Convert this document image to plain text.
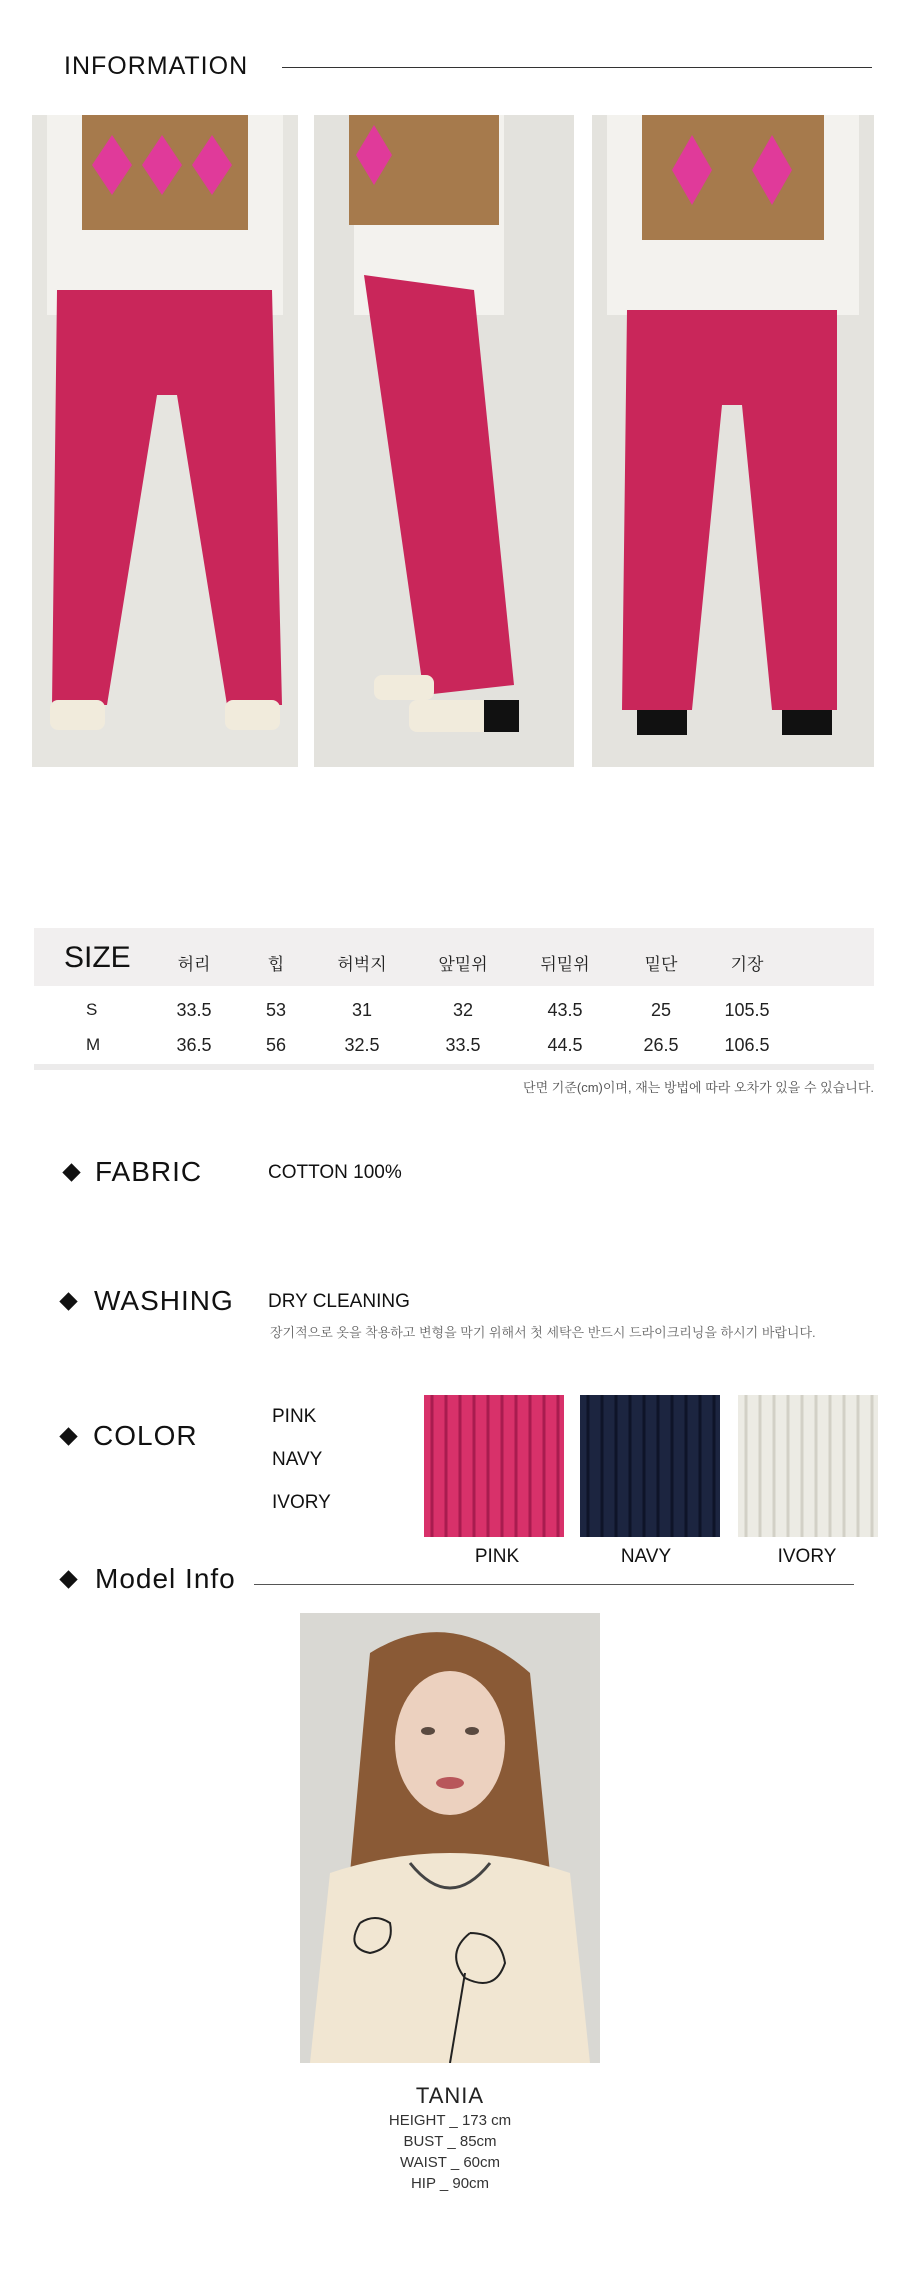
INFORMATION
SIZE	허리	힙	허벅지	앞밑위	뒤밑위	밑단	기장
S	33.5	53	31	32	43.5	25	105.5
M	36.5	56	32.5	33.5	44.5	26.5	106.5
단면 기준(cm)이며, 재는 방법에 따라 오차가 있을 수 있습니다.
FABRIC	COTTON 100%
WASHING DRY CLEANING
장기적으로 옷을 착용하고 변형을 막기 위해서 첫 세탁은 반드시 드라이크리닝을 하시기 바랍니다.
COLOR
PINK
NAVY
IVORY
PINK	NAVY	IVORY
Model Info
TANIA
HEIGHT _ 173 cm
BUST _ 85cm
WAIST _ 60cm
HIP _ 90cm
